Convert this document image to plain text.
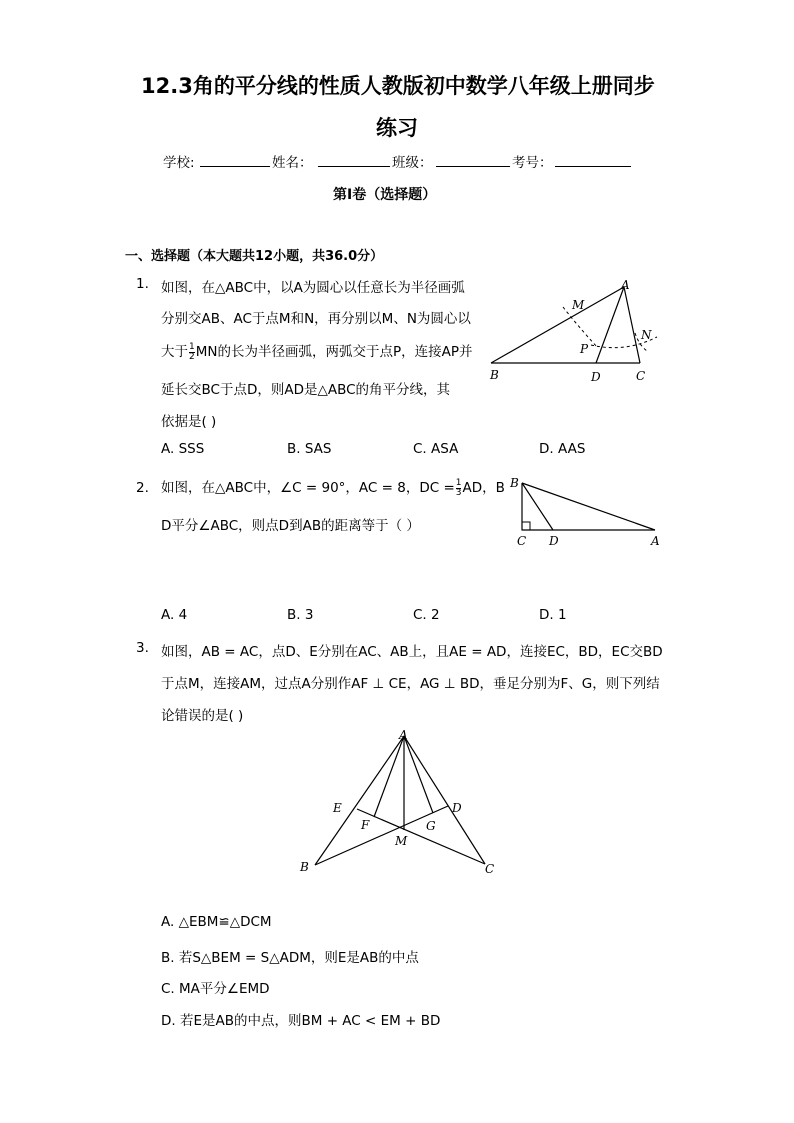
12.3角的平分线的性质人教版初中数学八年级上册同步
练习
学校:	姓名：	班级：	考号：
第I卷（选择题）
一、选择题（本大题共12小题，共36.0分）
1. 如图，在△ABC中，以A为圆心以任意长为半径画弧
分别交AB、AC于点M和N，再分别以M、N为圆心以
大于 $\frac{1}{2}$ MN的长为半径画弧，两弧交于点P，连接AP并
延长交BC于点D，则AD是△ABC的角平分线，其
依据是( )
A. SSS	B. SAS	C. ASA	D. AAS
A
M
N
P
B	D	C
2. 如图，在△ABC中，∠C = 90°，AC = 8，DC = $\frac{1}{3}$ AD，B
D平分∠ABC，则点D到AB的距离等于（ ）
A. 4	B. 3	C. 2	D. 1
B
C D	A
3. 如图，AB = AC，点D、E分别在AC、AB上，且AE = AD，连接EC，BD，EC交BD
于点M，连接AM，过点A分别作AF ⊥ CE，AG ⊥ BD，垂足分别为F、G，则下列结
论错误的是( )
A
E	D
F	G
M
B	C
A. △EBM≌△DCM
B. 若S△BEM = S△ADM，则E是AB的中点
C. MA平分∠EMD
D. 若E是AB的中点，则BM + AC < EM + BD
